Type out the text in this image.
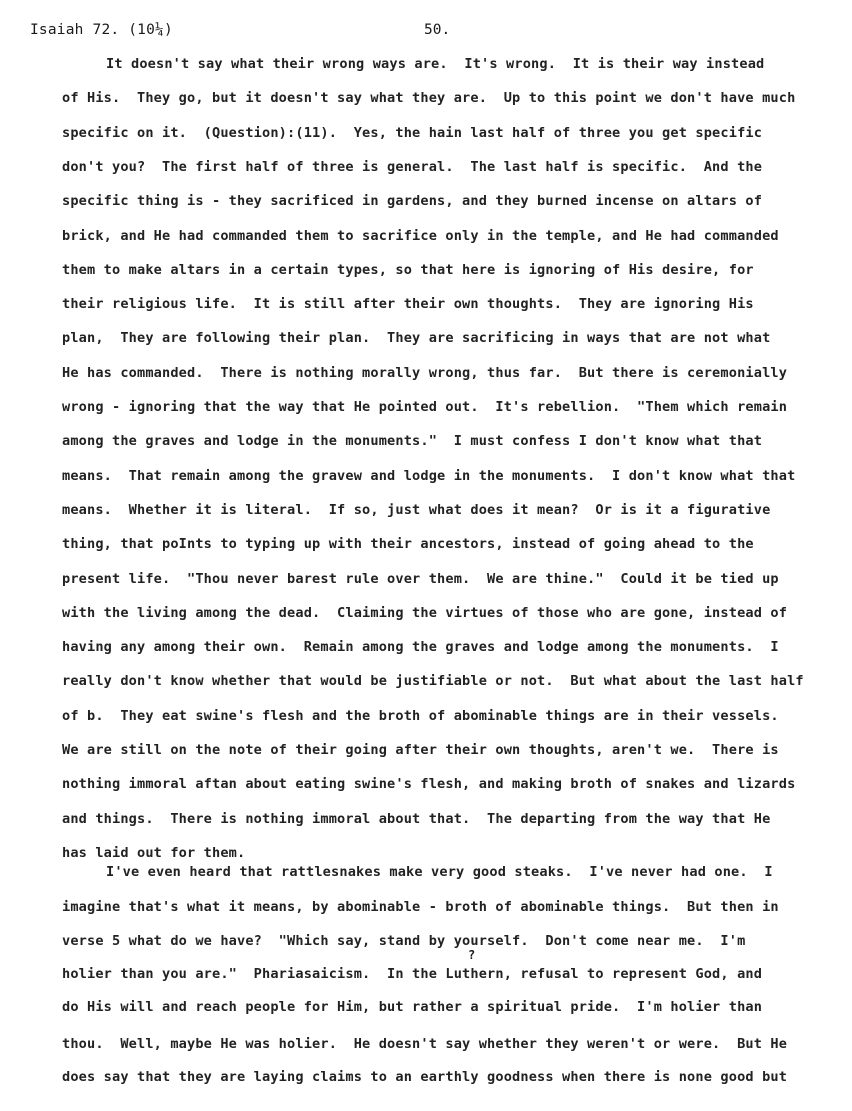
Isaiah 72. (10¼)	50.
It doesn't say what their wrong ways are.  It's wrong.  It is their way instead
of His.  They go, but it doesn't say what they are.  Up to this point we don't have much
specific on it.  (Question):(11).  Yes, the hain last half of three you get specific
don't you?  The first half of three is general.  The last half is specific.  And the
specific thing is - they sacrificed in gardens, and they burned incense on altars of
brick, and He had commanded them to sacrifice only in the temple, and He had commanded
them to make altars in a certain types, so that here is ignoring of His desire, for
their religious life.  It is still after their own thoughts.  They are ignoring His
plan,  They are following their plan.  They are sacrificing in ways that are not what
He has commanded.  There is nothing morally wrong, thus far.  But there is ceremonially
wrong - ignoring that the way that He pointed out.  It's rebellion.  "Them which remain
among the graves and lodge in the monuments."  I must confess I don't know what that
means.  That remain among the gravew and lodge in the monuments.  I don't know what that
means.  Whether it is literal.  If so, just what does it mean?  Or is it a figurative
thing, that poInts to typing up with their ancestors, instead of going ahead to the
present life.  "Thou never barest rule over them.  We are thine."  Could it be tied up
with the living among the dead.  Claiming the virtues of those who are gone, instead of
having any among their own.  Remain among the graves and lodge among the monuments.  I
really don't know whether that would be justifiable or not.  But what about the last half
of b.  They eat swine's flesh and the broth of abominable things are in their vessels.
We are still on the note of their going after their own thoughts, aren't we.  There is
nothing immoral aftan about eating swine's flesh, and making broth of snakes and lizards
and things.  There is nothing immoral about that.  The departing from the way that He
has laid out for them.
I've even heard that rattlesnakes make very good steaks.  I've never had one.  I
imagine that's what it means, by abominable - broth of abominable things.  But then in
verse 5 what do we have?  "Which say, stand by yourself.  Don't come near me.  I'm
holier than you are."  Phariasaicism.  In the Luthern, refusal to represent God, and
do His will and reach people for Him, but rather a spiritual pride.  I'm holier than
thou.  Well, maybe He was holier.  He doesn't say whether they weren't or were.  But He
does say that they are laying claims to an earthly goodness when there is none good but
?
